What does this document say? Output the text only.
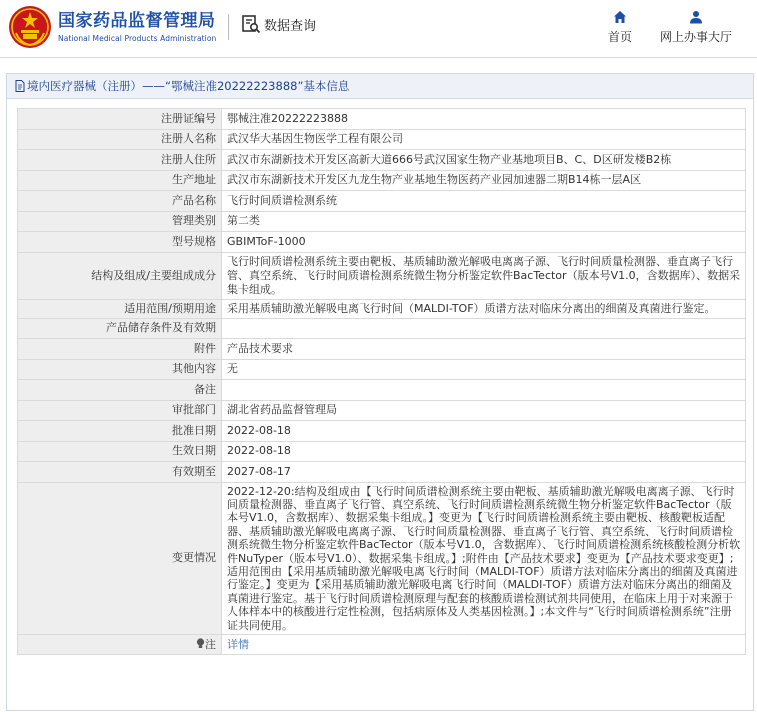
国家药品监督管理局
National Medical Products Administration
数据查询
首页	网上办事大厅
境内医疗器械（注册）——“鄂械注准20222223888”基本信息
注册证编号	鄂械注准20222223888
注册人名称	武汉华大基因生物医学工程有限公司
注册人住所	武汉市东湖新技术开发区高新大道666号武汉国家生物产业基地项目B、C、D区研发楼B2栋
生产地址	武汉市东湖新技术开发区九龙生物产业基地生物医药产业园加速器二期B14栋一层A区
产品名称	飞行时间质谱检测系统
管理类别	第二类
型号规格	GBIMToF-1000
结构及组成/主要组成成分	飞行时间质谱检测系统主要由靶板、基质辅助激光解吸电离离子源、飞行时间质量检测器、垂直离子飞行管、真空系统、飞行时间质谱检测系统微生物分析鉴定软件BacTector（版本号V1.0，含数据库）、数据采集卡组成。
适用范围/预期用途	采用基质辅助激光解吸电离飞行时间（MALDI-TOF）质谱方法对临床分离出的细菌及真菌进行鉴定。
产品储存条件及有效期	
附件	产品技术要求
其他内容	无
备注	
审批部门	湖北省药品监督管理局
批准日期	2022-08-18
生效日期	2022-08-18
有效期至	2027-08-17
变更情况	2022-12-20:结构及组成由【飞行时间质谱检测系统主要由靶板、基质辅助激光解吸电离离子源、飞行时间质量检测器、垂直离子飞行管、真空系统、飞行时间质谱检测系统微生物分析鉴定软件BacTector（版本号V1.0，含数据库）、数据采集卡组成。】变更为【飞行时间质谱检测系统主要由靶板、核酸靶板适配器、基质辅助激光解吸电离离子源、飞行时间质量检测器、垂直离子飞行管、真空系统、飞行时间质谱检测系统微生物分析鉴定软件BacTector（版本号V1.0，含数据库）、飞行时间质谱检测系统核酸检测分析软件NuTyper（版本号V1.0）、数据采集卡组成。】;附件由【产品技术要求】变更为【产品技术要求变更】;适用范围由【采用基质辅助激光解吸电离飞行时间（MALDI-TOF）质谱方法对临床分离出的细菌及真菌进行鉴定。】变更为【采用基质辅助激光解吸电离飞行时间（MALDI-TOF）质谱方法对临床分离出的细菌及真菌进行鉴定。基于飞行时间质谱检测原理与配套的核酸质谱检测试剂共同使用，在临床上用于对来源于人体样本中的核酸进行定性检测，包括病原体及人类基因检测。】;本文件与“飞行时间质谱检测系统”注册证共同使用。
注	详情
